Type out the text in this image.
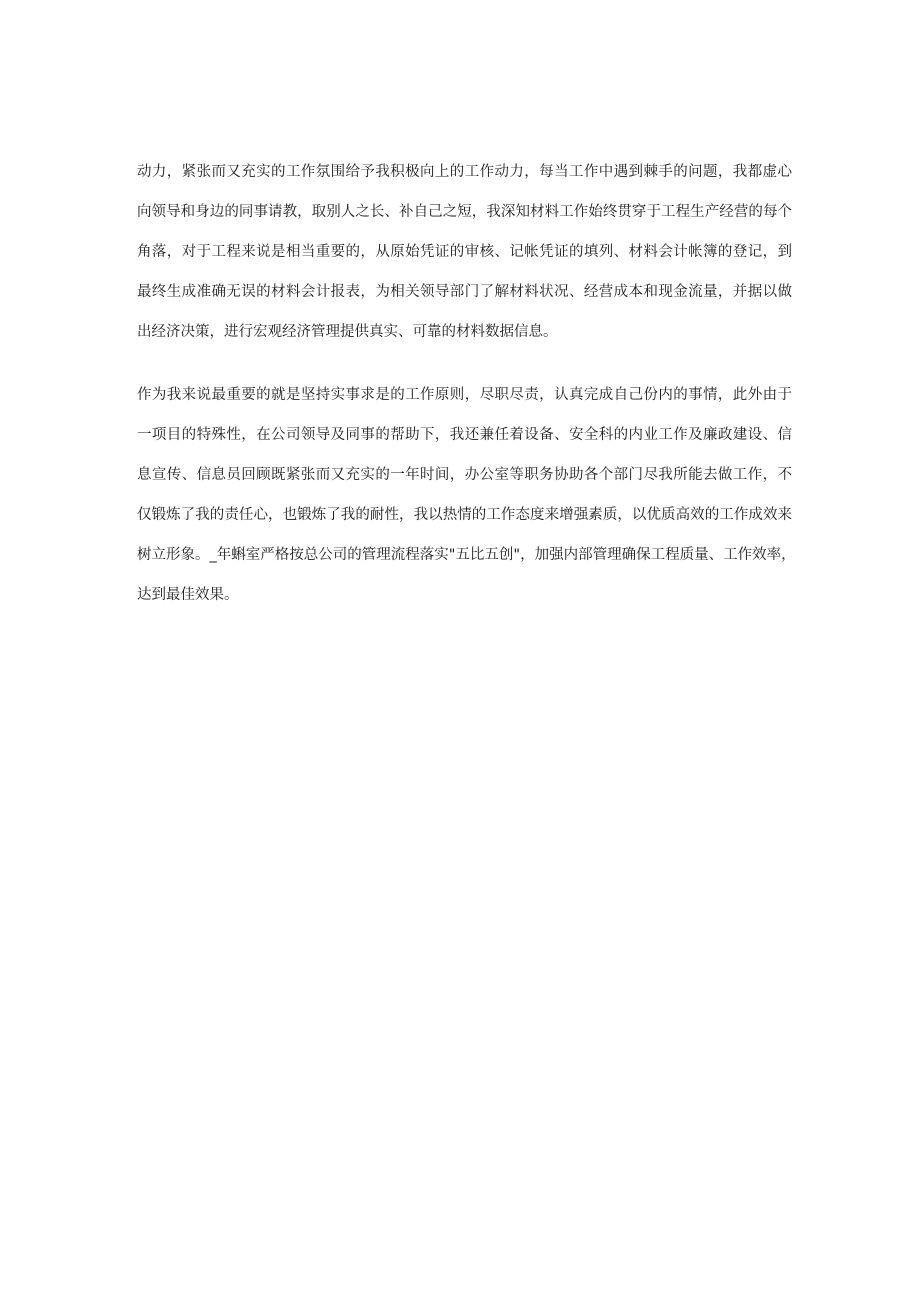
动力，紧张而又充实的工作氛围给予我积极向上的工作动力，每当工作中遇到棘手的问题，我都虚心
向领导和身边的同事请教，取别人之长、补自己之短，我深知材料工作始终贯穿于工程生产经营的每个
角落，对于工程来说是相当重要的，从原始凭证的审核、记帐凭证的填列、材料会计帐簿的登记，到
最终生成准确无误的材料会计报表，为相关领导部门了解材料状况、经营成本和现金流量，并据以做
出经济决策，进行宏观经济管理提供真实、可靠的材料数据信息。

作为我来说最重要的就是坚持实事求是的工作原则，尽职尽责，认真完成自己份内的事情，此外由于
一项目的特殊性，在公司领导及同事的帮助下，我还兼任着设备、安全科的内业工作及廉政建设、信
息宣传、信息员回顾既紧张而又充实的一年时间，办公室等职务协助各个部门尽我所能去做工作，不
仅锻炼了我的责任心，也锻炼了我的耐性，我以热情的工作态度来增强素质，以优质高效的工作成效来
树立形象。_年蝌室严格按总公司的管理流程落实"五比五创"，加强内部管理确保工程质量、工作效率，
达到最佳效果。
